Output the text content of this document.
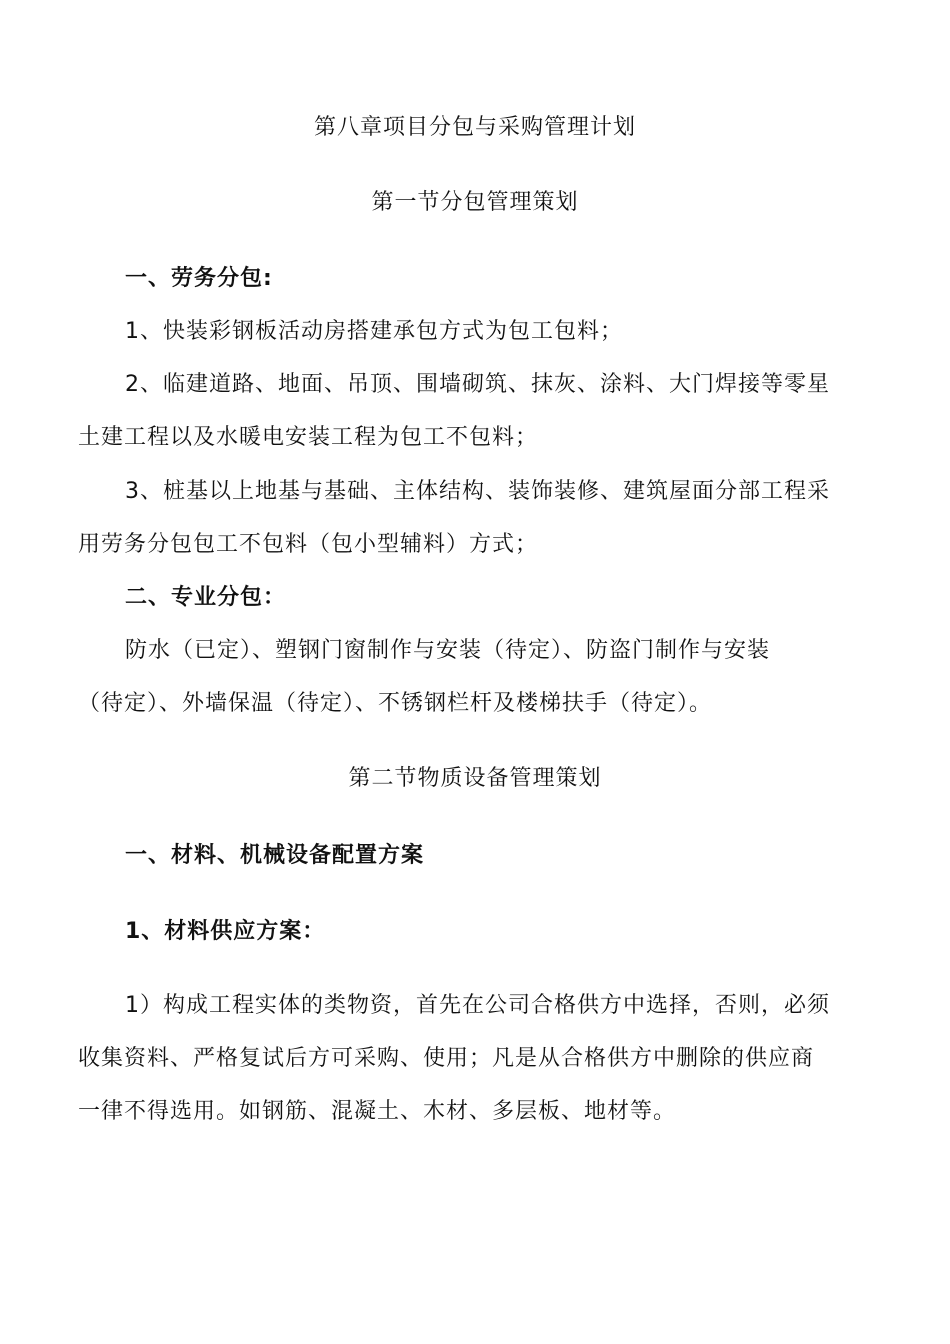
第八章项目分包与采购管理计划
第一节分包管理策划
一、劳务分包:
1、快装彩钢板活动房搭建承包方式为包工包料；
2、临建道路、地面、吊顶、围墙砌筑、抹灰、涂料、大门焊接等零星
土建工程以及水暖电安装工程为包工不包料；
3、桩基以上地基与基础、主体结构、装饰装修、建筑屋面分部工程采
用劳务分包包工不包料（包小型辅料）方式；
二、专业分包：
防水（已定）、塑钢门窗制作与安装（待定）、防盗门制作与安装
（待定）、外墙保温（待定）、不锈钢栏杆及楼梯扶手（待定）。
第二节物质设备管理策划
一、材料、机械设备配置方案
1、材料供应方案：
1）构成工程实体的类物资，首先在公司合格供方中选择，否则，必须
收集资料、严格复试后方可采购、使用；凡是从合格供方中删除的供应商
一律不得选用。如钢筋、混凝土、木材、多层板、地材等。
